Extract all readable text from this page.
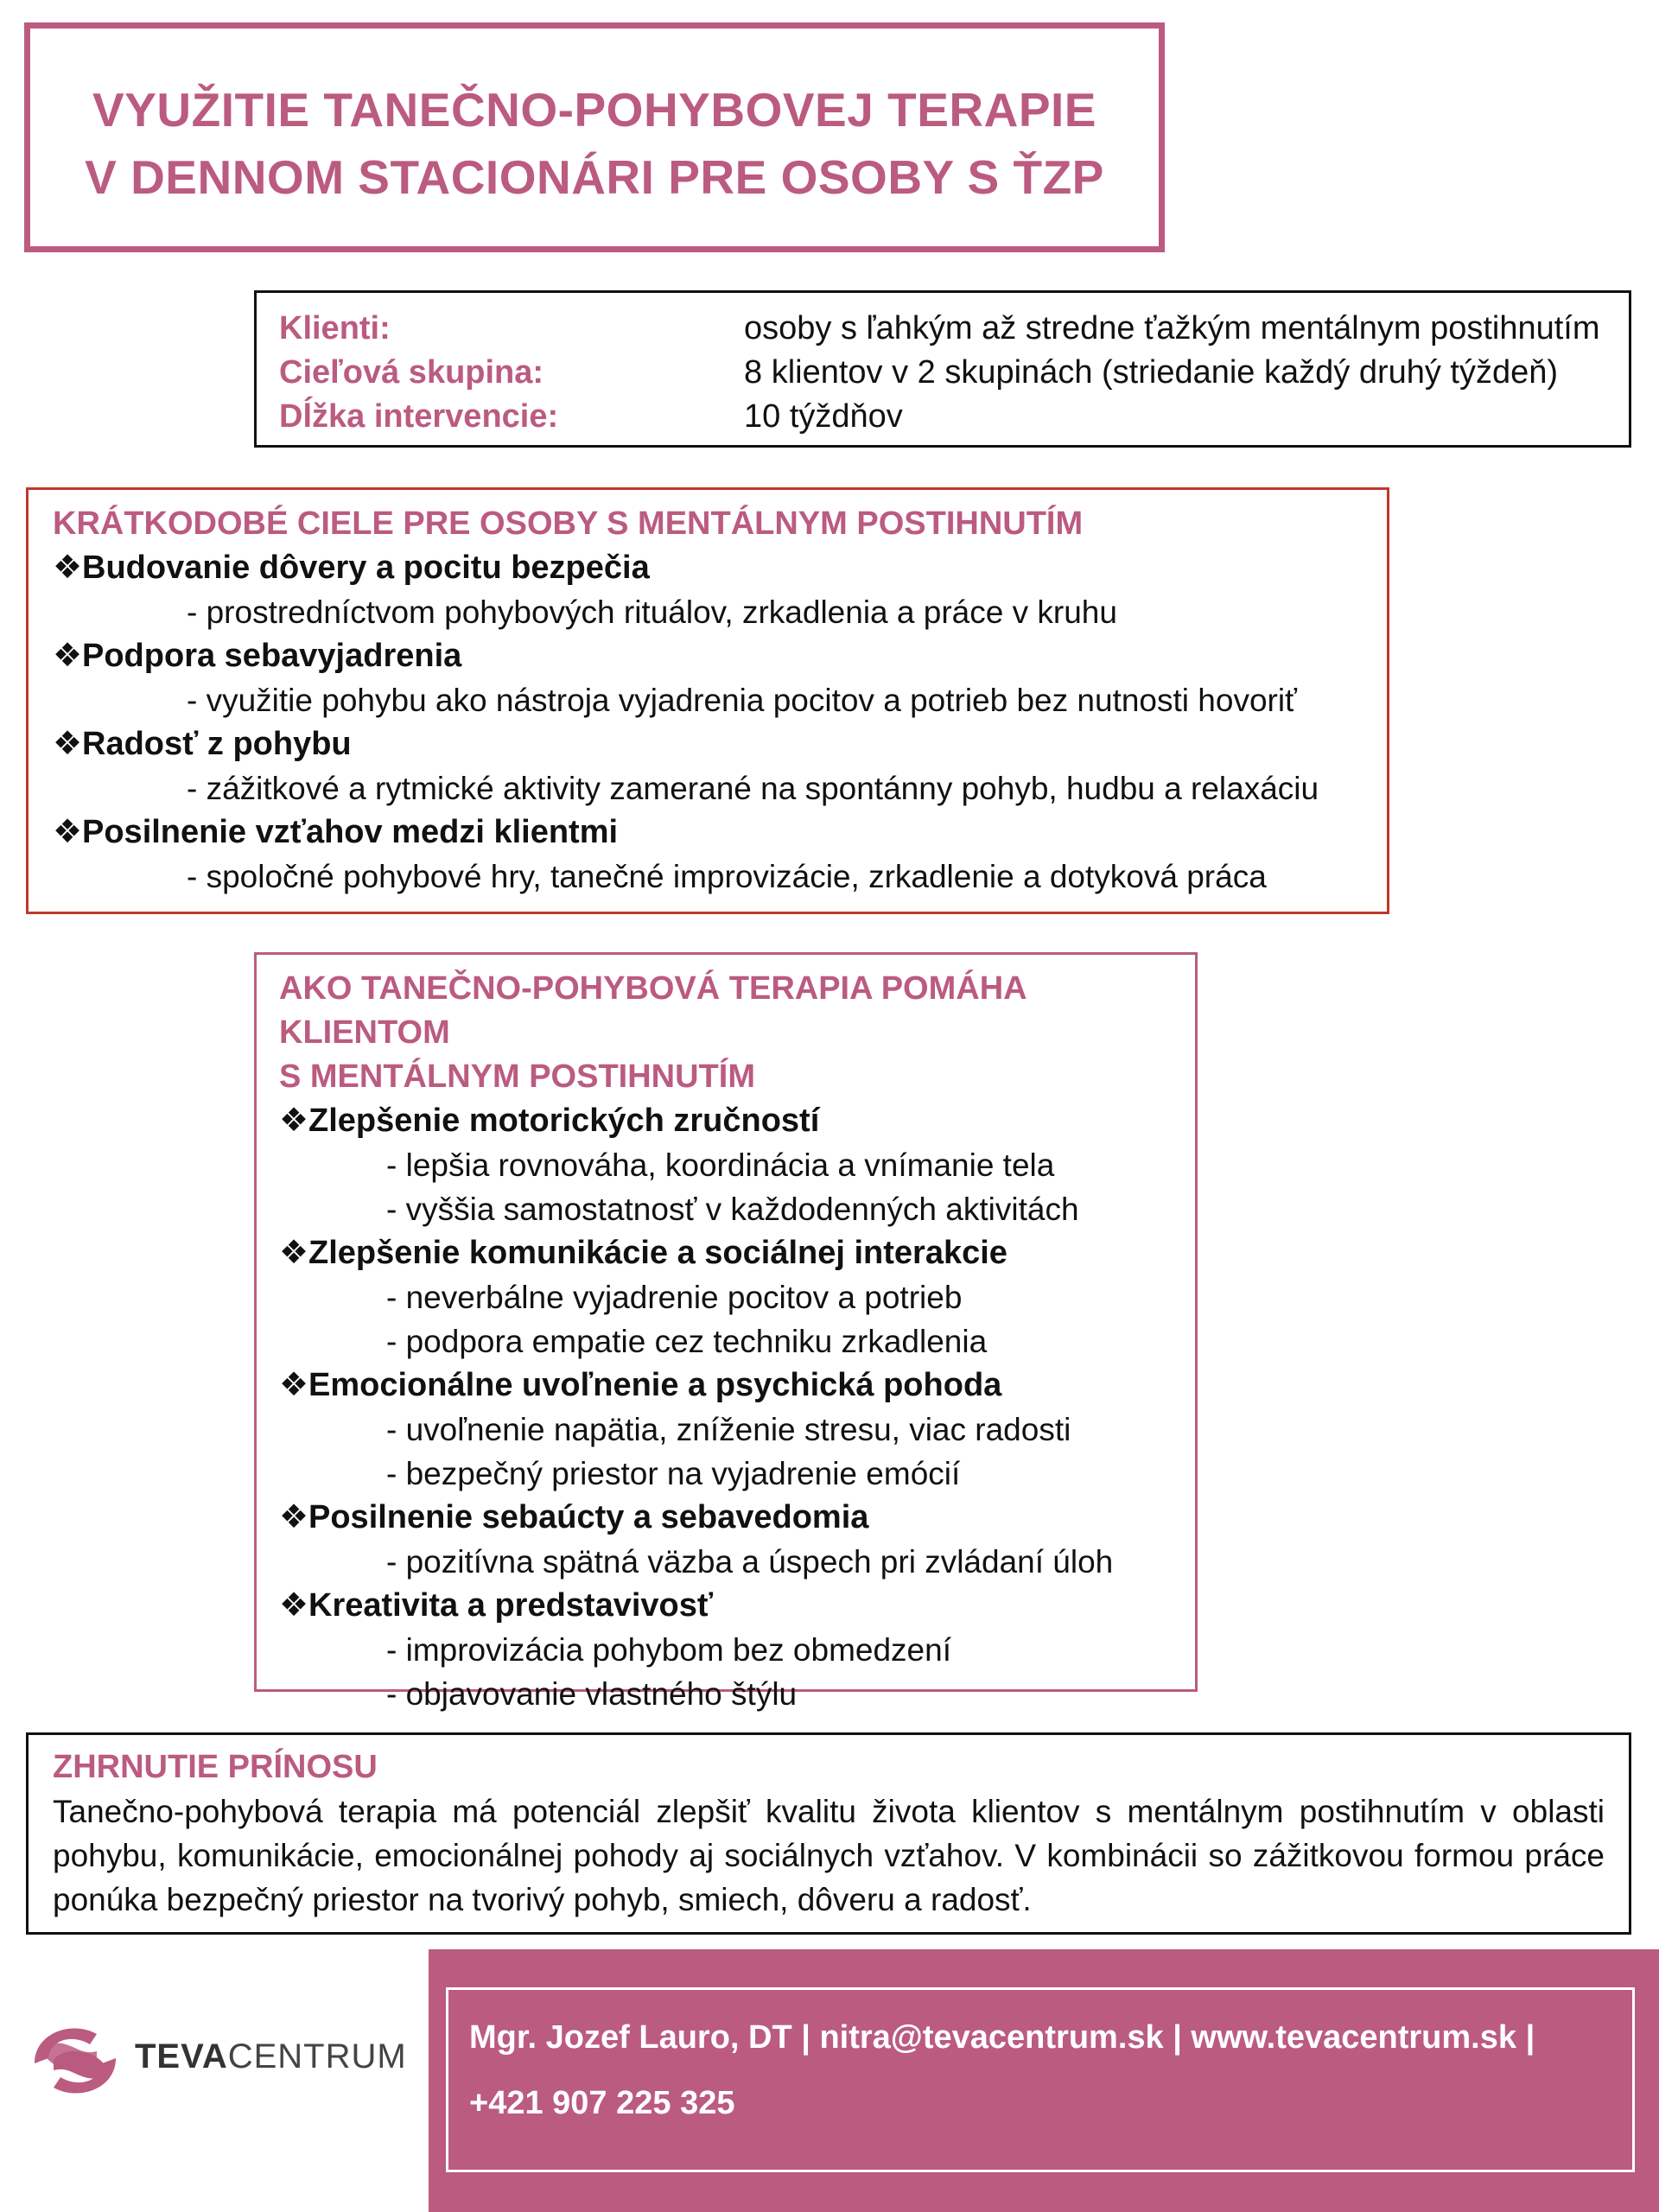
VYUŽITIE TANEČNO-POHYBOVEJ TERAPIE
V DENNOM STACIONÁRI PRE OSOBY S ŤZP
Klienti:	osoby s ľahkým až stredne ťažkým mentálnym postihnutím
Cieľová skupina:	8 klientov v 2 skupinách (striedanie každý druhý týždeň)
Dĺžka intervencie:	10 týždňov
KRÁTKODOBÉ CIELE PRE OSOBY S MENTÁLNYM POSTIHNUTÍM
❖Budovanie dôvery a pocitu bezpečia
- prostredníctvom pohybových rituálov, zrkadlenia a práce v kruhu
❖Podpora sebavyjadrenia
- využitie pohybu ako nástroja vyjadrenia pocitov a potrieb bez nutnosti hovoriť
❖Radosť z pohybu
- zážitkové a rytmické aktivity zamerané na spontánny pohyb, hudbu a relaxáciu
❖Posilnenie vzťahov medzi klientmi
- spoločné pohybové hry, tanečné improvizácie, zrkadlenie a dotyková práca
AKO TANEČNO-POHYBOVÁ TERAPIA POMÁHA KLIENTOM
S MENTÁLNYM POSTIHNUTÍM
❖Zlepšenie motorických zručností
- lepšia rovnováha, koordinácia a vnímanie tela
- vyššia samostatnosť v každodenných aktivitách
❖Zlepšenie komunikácie a sociálnej interakcie
- neverbálne vyjadrenie pocitov a potrieb
- podpora empatie cez techniku zrkadlenia
❖Emocionálne uvoľnenie a psychická pohoda
- uvoľnenie napätia, zníženie stresu, viac radosti
- bezpečný priestor na vyjadrenie emócií
❖Posilnenie sebaúcty a sebavedomia
- pozitívna spätná väzba a úspech pri zvládaní úloh
❖Kreativita a predstavivosť
- improvizácia pohybom bez obmedzení
- objavovanie vlastného štýlu
ZHRNUTIE PRÍNOSU
Tanečno-pohybová terapia má potenciál zlepšiť kvalitu života klientov s mentálnym postihnutím v oblasti pohybu, komunikácie, emocionálnej pohody aj sociálnych vzťahov. V kombinácii so zážitkovou formou práce ponúka bezpečný priestor na tvorivý pohyb, smiech, dôveru a radosť.
TEVACENTRUM Mgr. Jozef Lauro, DT | nitra@tevacentrum.sk | www.tevacentrum.sk |
+421 907 225 325
